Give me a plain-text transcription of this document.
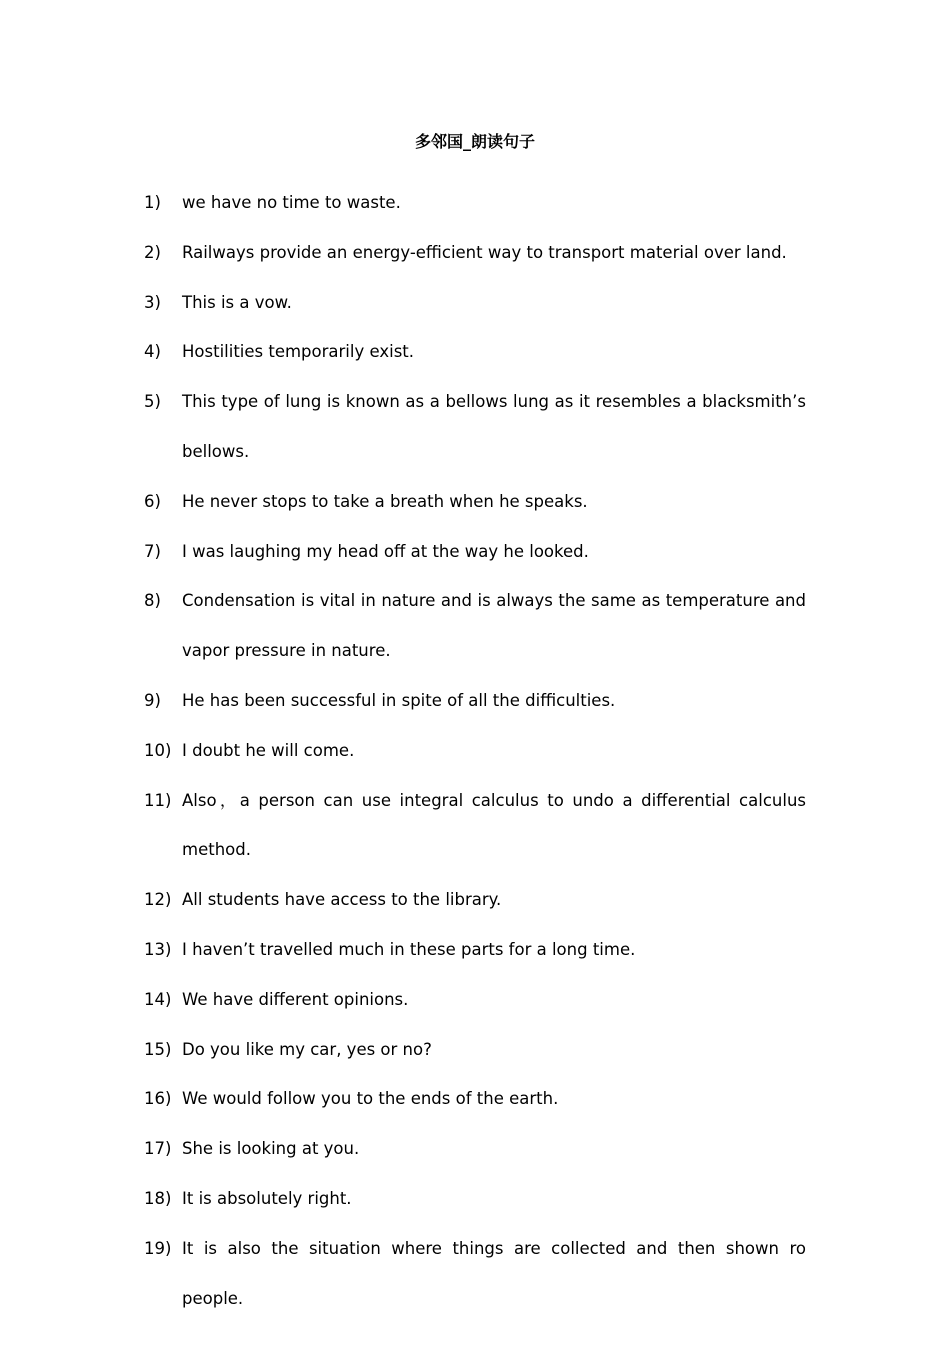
多邻国_朗读句子
1)	we have no time to waste.
2)	Railways provide an energy-efficient way to transport material over land.
3)	This is a vow.
4)	Hostilities temporarily exist.
5)	This type of lung is known as a bellows lung as it resembles a blacksmith’s bellows.
6)	He never stops to take a breath when he speaks.
7)	I was laughing my head off at the way he looked.
8)	Condensation is vital in nature and is always the same as temperature and vapor pressure in nature.
9)	He has been successful in spite of all the difficulties.
10) I doubt he will come.
11) Also，a person can use integral calculus to undo a differential calculus method.
12) All students have access to the library.
13) I haven’t travelled much in these parts for a long time.
14) We have different opinions.
15) Do you like my car, yes or no?
16) We would follow you to the ends of the earth.
17) She is looking at you.
18) It is absolutely right.
19) It is also the situation where things are collected and then shown ro people.
